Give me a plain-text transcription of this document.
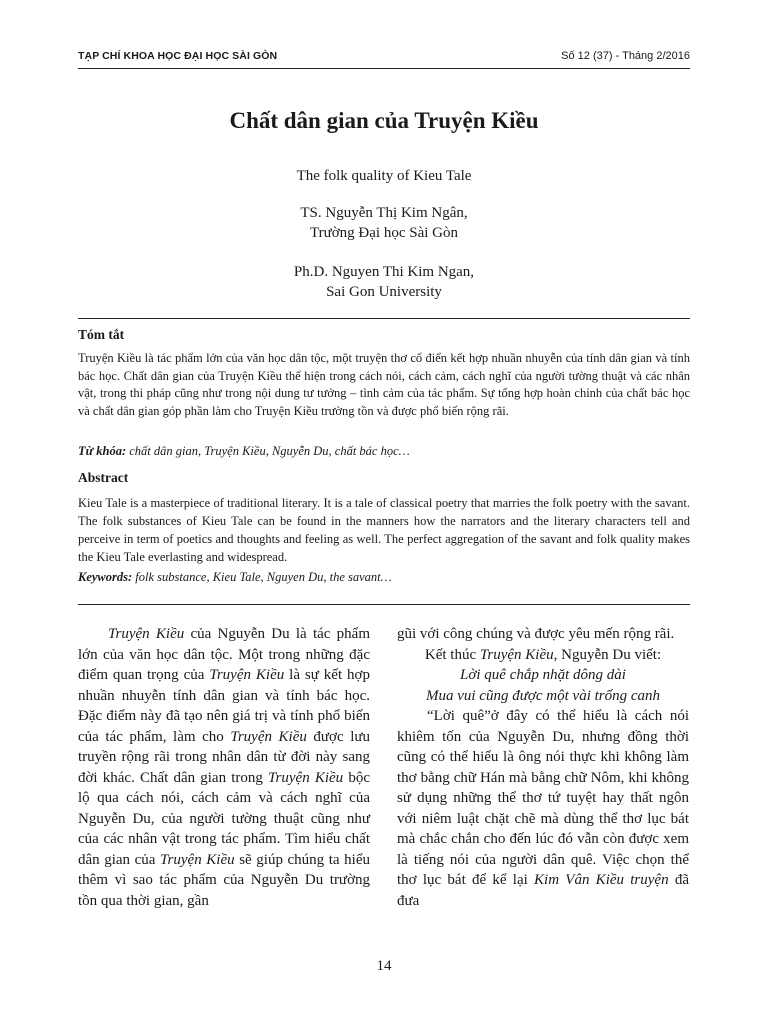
TẠP CHÍ KHOA HỌC ĐẠI HỌC SÀI GÒN	Số 12 (37) - Tháng 2/2016
Chất dân gian của Truyện Kiều
The folk quality of Kieu Tale
TS. Nguyễn Thị Kim Ngân,
Trường Đại học Sài Gòn
Ph.D. Nguyen Thi Kim Ngan,
Sai Gon University
Tóm tắt
Truyện Kiều là tác phẩm lớn của văn học dân tộc, một truyện thơ cổ điển kết hợp nhuần nhuyễn của tính dân gian và tính bác học. Chất dân gian của Truyện Kiều thể hiện trong cách nói, cách cảm, cách nghĩ của người tường thuật và các nhân vật, trong thi pháp cũng như trong nội dung tư tưởng – tình cảm của tác phẩm. Sự tổng hợp hoàn chỉnh của chất bác học và chất dân gian góp phần làm cho Truyện Kiều trường tồn và được phổ biến rộng rãi.
Từ khóa: chất dân gian, Truyện Kiều, Nguyễn Du, chất bác học…
Abstract
Kieu Tale is a masterpiece of traditional literary. It is a tale of classical poetry that marries the folk poetry with the savant. The folk substances of Kieu Tale can be found in the manners how the narrators and the literary characters tell and perceive in term of poetics and thoughts and feeling as well. The perfect aggregation of the savant and folk quality makes the Kieu Tale everlasting and widespread.
Keywords: folk substance, Kieu Tale, Nguyen Du, the savant…

Truyện Kiều của Nguyễn Du là tác phẩm lớn của văn học dân tộc. Một trong những đặc điểm quan trọng của Truyện Kiều là sự kết hợp nhuần nhuyễn tính dân gian và tính bác học. Đặc điểm này đã tạo nên giá trị và tính phổ biến của tác phẩm, làm cho Truyện Kiều được lưu truyền rộng rãi trong nhân dân từ đời này sang đời khác. Chất dân gian trong Truyện Kiều bộc lộ qua cách nói, cách cảm và cách nghĩ của Nguyễn Du, của người tường thuật cũng như của các nhân vật trong tác phẩm. Tìm hiểu chất dân gian của Truyện Kiều sẽ giúp chúng ta hiểu thêm vì sao tác phẩm của Nguyễn Du trường tồn qua thời gian, gần

gũi với công chúng và được yêu mến rộng rãi.

Kết thúc Truyện Kiều, Nguyễn Du viết:

Lời quê chắp nhặt dông dài

Mua vui cũng được một vài trống canh

“Lời quê”ở đây có thể hiểu là cách nói khiêm tốn của Nguyễn Du, nhưng đồng thời cũng có thể hiểu là ông nói thực khi không làm thơ bằng chữ Hán mà bằng chữ Nôm, khi không sử dụng những thể thơ tứ tuyệt hay thất ngôn với niêm luật chặt chẽ mà dùng thể thơ lục bát mà chắc chắn cho đến lúc đó vẫn còn được xem là tiếng nói của người dân quê. Việc chọn thể thơ lục bát để kể lại Kim Vân Kiều truyện đã đưa

14
